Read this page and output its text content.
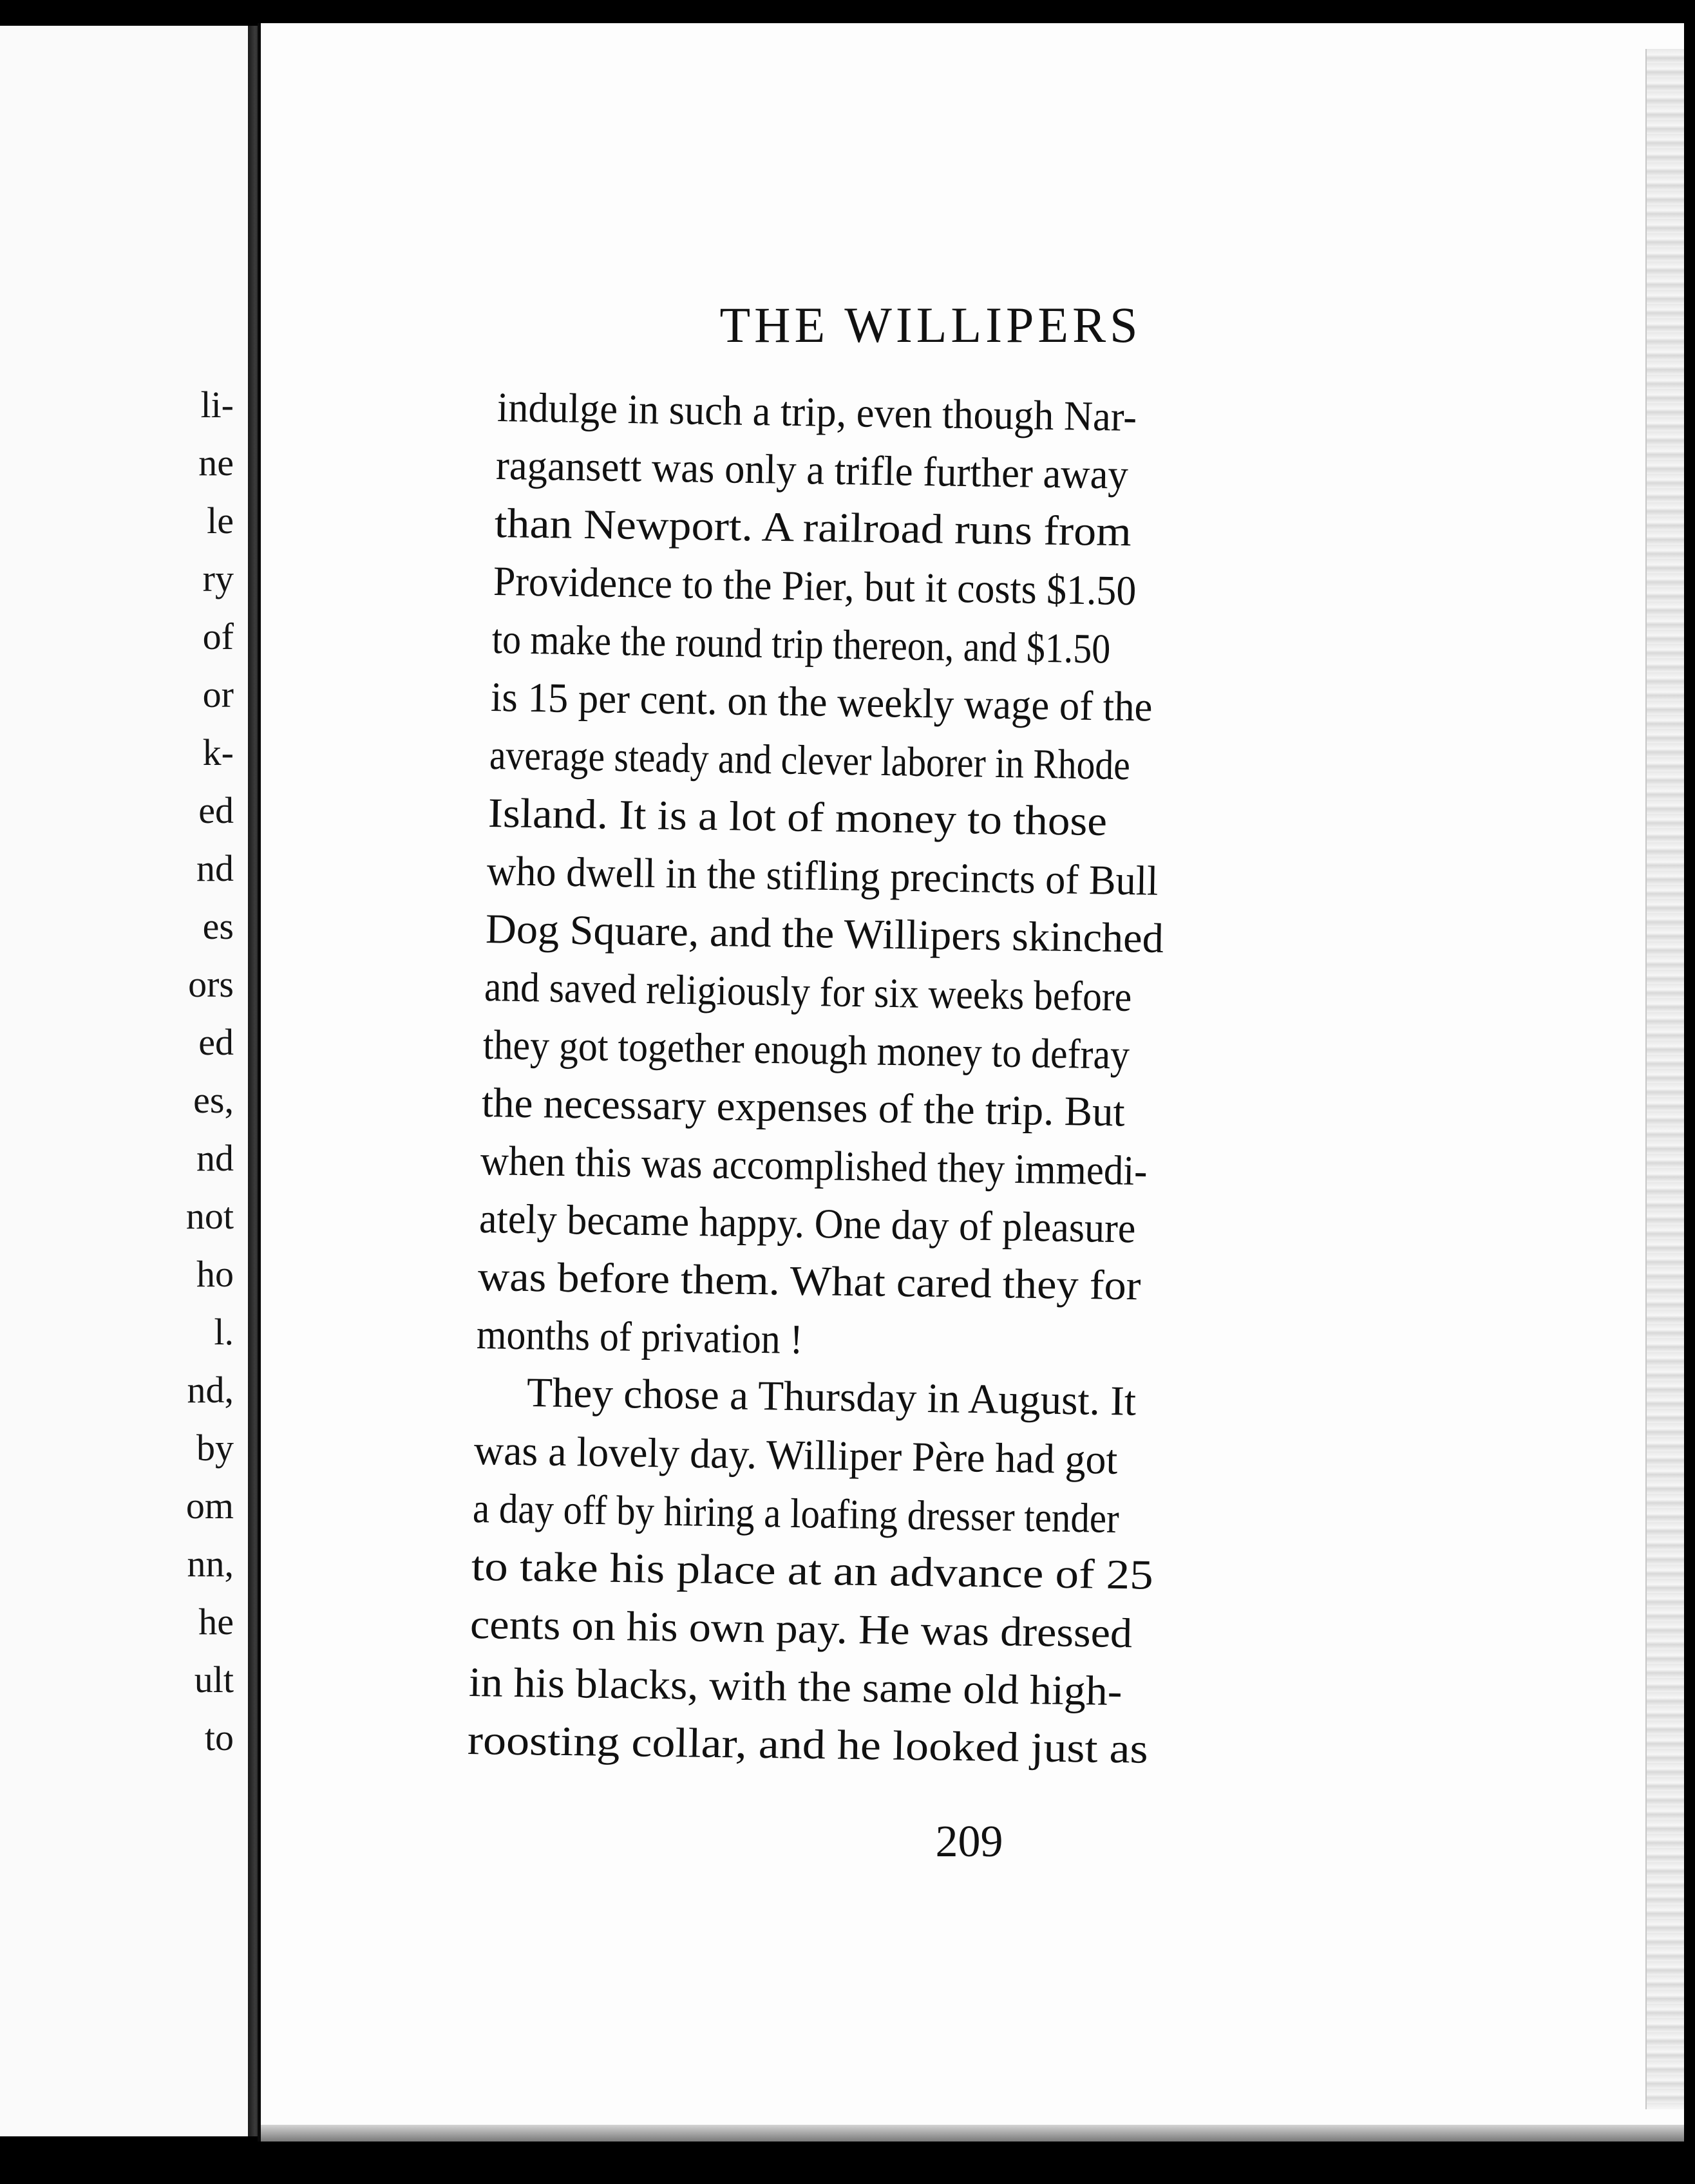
li-

ne

le

ry

of

or

k-

ed

nd

es

ors

ed

es,

nd

not

ho

l.

nd,

by

om

nn,

he

ult

to

THE WILLIPERS

indulge in such a trip, even though Nar-

ragansett was only a trifle further away

than Newport. A railroad runs from

Providence to the Pier, but it costs $1.50

to make the round trip thereon, and $1.50

is 15 per cent. on the weekly wage of the

average steady and clever laborer in Rhode

Island. It is a lot of money to those

who dwell in the stifling precincts of Bull

Dog Square, and the Willipers skinched

and saved religiously for six weeks before

they got together enough money to defray

the necessary expenses of the trip. But

when this was accomplished they immedi-

ately became happy. One day of pleasure

was before them. What cared they for

months of privation !

They chose a Thursday in August. It

was a lovely day. Williper Père had got

a day off by hiring a loafing dresser tender

to take his place at an advance of 25

cents on his own pay. He was dressed

in his blacks, with the same old high-

roosting collar, and he looked just as

209
